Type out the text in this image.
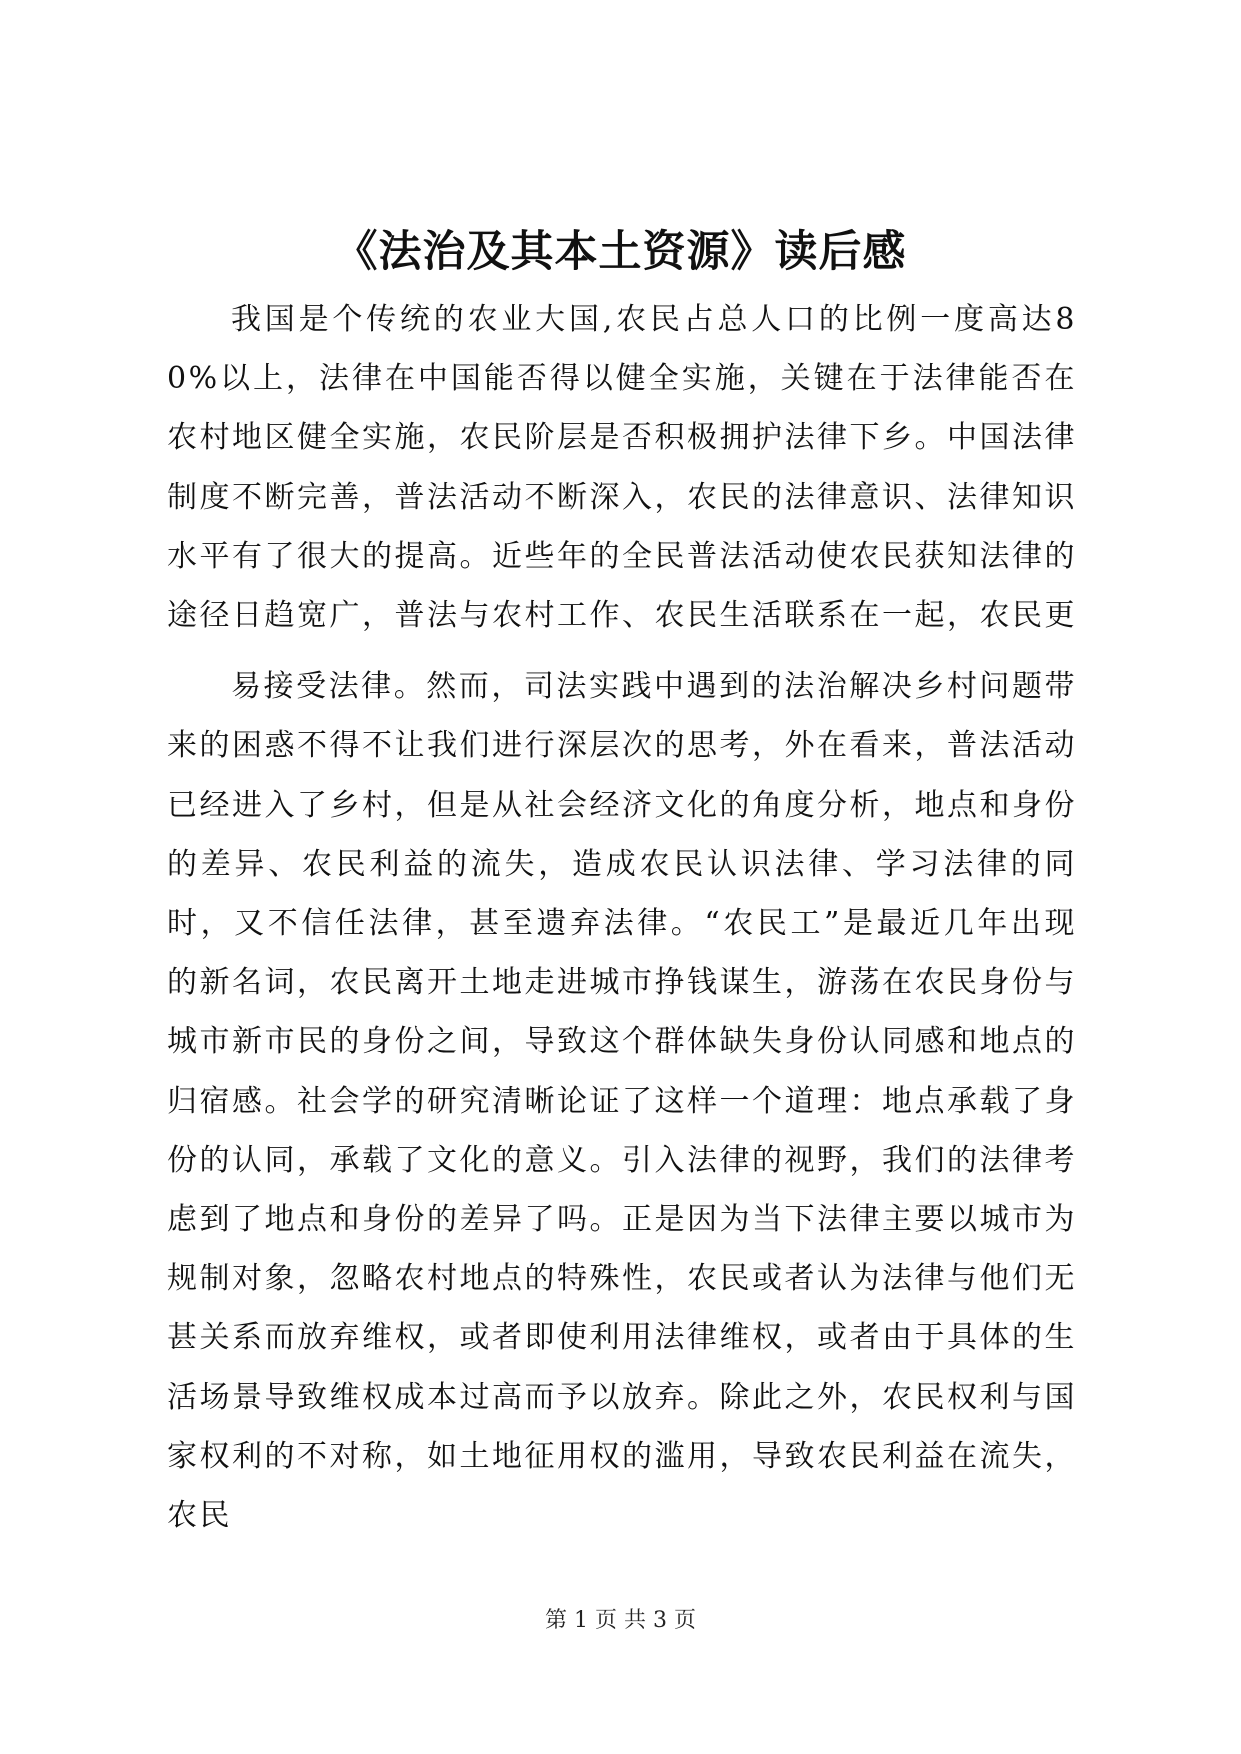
《法治及其本土资源》读后感

我国是个传统的农业大国,农民占总人口的比例一度高达80%以上，法律在中国能否得以健全实施，关键在于法律能否在农村地区健全实施，农民阶层是否积极拥护法律下乡。中国法律制度不断完善，普法活动不断深入，农民的法律意识、法律知识水平有了很大的提高。近些年的全民普法活动使农民获知法律的途径日趋宽广，普法与农村工作、农民生活联系在一起，农民更

易接受法律。然而，司法实践中遇到的法治解决乡村问题带来的困惑不得不让我们进行深层次的思考，外在看来，普法活动已经进入了乡村，但是从社会经济文化的角度分析，地点和身份的差异、农民利益的流失，造成农民认识法律、学习法律的同时，又不信任法律，甚至遗弃法律。“农民工”是最近几年出现的新名词，农民离开土地走进城市挣钱谋生，游荡在农民身份与城市新市民的身份之间，导致这个群体缺失身份认同感和地点的归宿感。社会学的研究清晰论证了这样一个道理：地点承载了身份的认同，承载了文化的意义。引入法律的视野，我们的法律考虑到了地点和身份的差异了吗。正是因为当下法律主要以城市为规制对象，忽略农村地点的特殊性，农民或者认为法律与他们无甚关系而放弃维权，或者即使利用法律维权，或者由于具体的生活场景导致维权成本过高而予以放弃。除此之外，农民权利与国家权利的不对称，如土地征用权的滥用，导致农民利益在流失，农民

第 1 页 共 3 页
